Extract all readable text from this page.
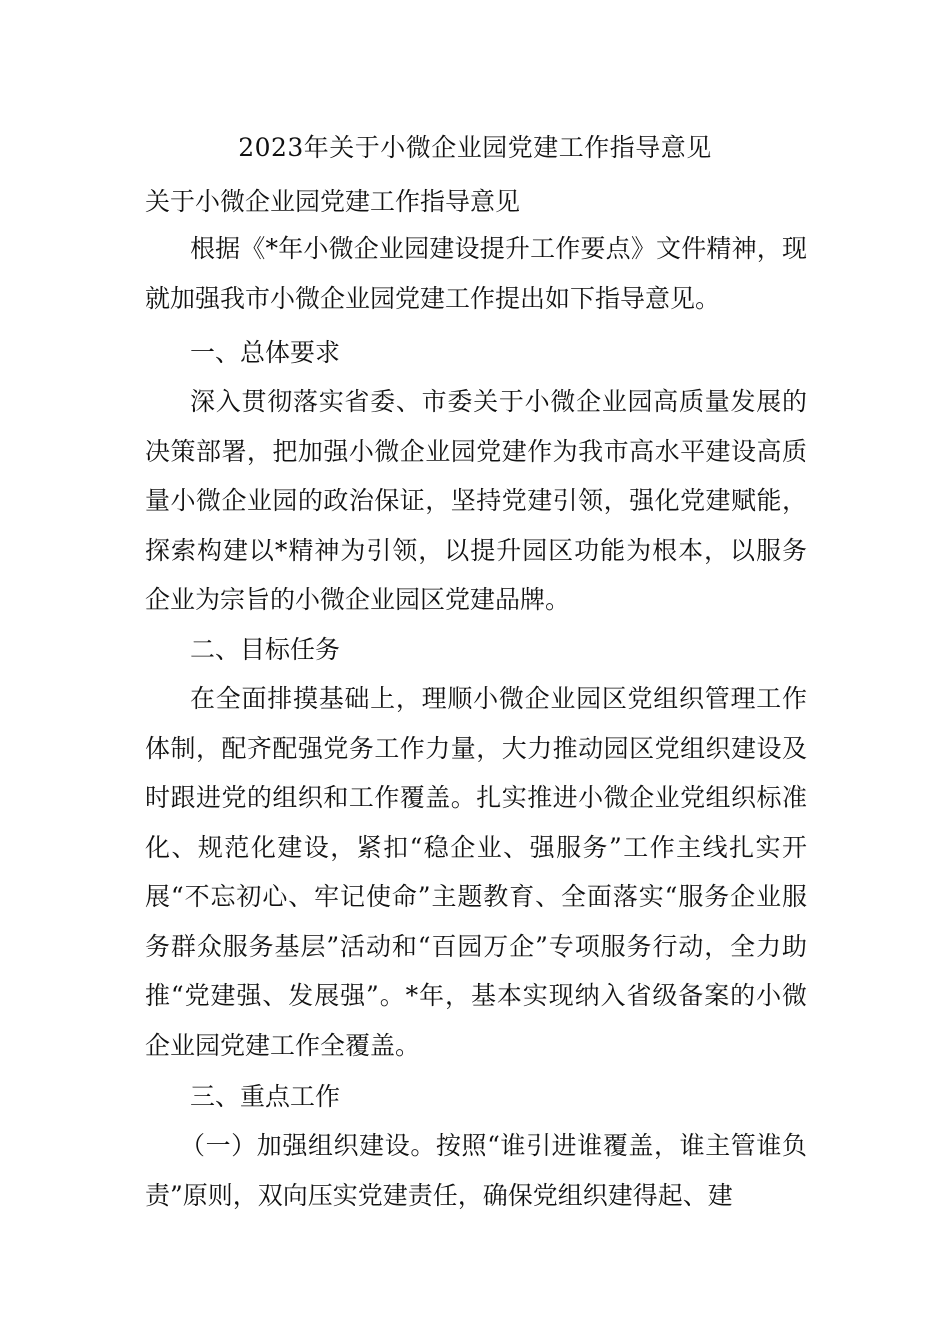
2023年关于小微企业园党建工作指导意见
关于小微企业园党建工作指导意见
根据《*年小微企业园建设提升工作要点》文件精神，现就加强我市小微企业园党建工作提出如下指导意见。
一、总体要求
深入贯彻落实省委、市委关于小微企业园高质量发展的决策部署，把加强小微企业园党建作为我市高水平建设高质量小微企业园的政治保证，坚持党建引领，强化党建赋能，探索构建以*精神为引领，以提升园区功能为根本，以服务企业为宗旨的小微企业园区党建品牌。
二、目标任务
在全面排摸基础上，理顺小微企业园区党组织管理工作体制，配齐配强党务工作力量，大力推动园区党组织建设及时跟进党的组织和工作覆盖。扎实推进小微企业党组织标准化、规范化建设，紧扣“稳企业、强服务”工作主线扎实开展“不忘初心、牢记使命”主题教育、全面落实“服务企业服务群众服务基层”活动和“百园万企”专项服务行动，全力助推“党建强、发展强”。*年，基本实现纳入省级备案的小微企业园党建工作全覆盖。
三、重点工作
（一）加强组织建设。按照“谁引进谁覆盖，谁主管谁负责”原则，双向压实党建责任，确保党组织建得起、建
